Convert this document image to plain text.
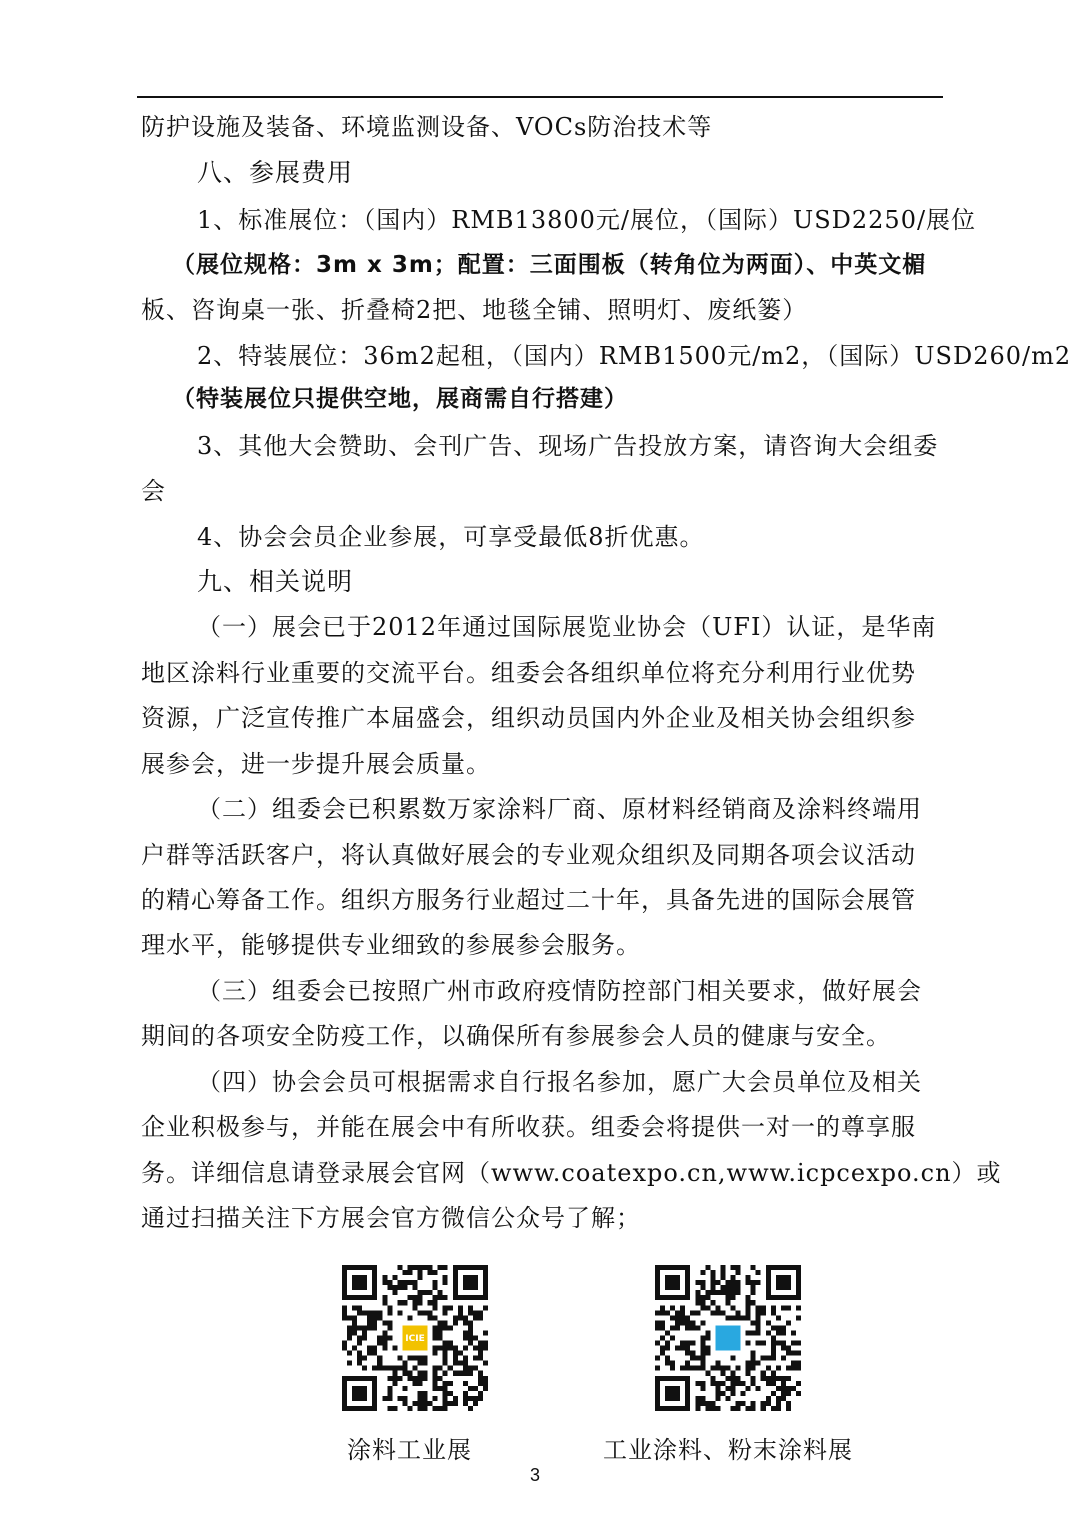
防护设施及装备、环境监测设备、VOCs防治技术等
八、参展费用
1、标准展位：（国内）RMB13800元/展位，（国际）USD2250/展位
（展位规格：3m x 3m；配置：三面围板（转角位为两面）、中英文楣
板、咨询桌一张、折叠椅2把、地毯全铺、照明灯、废纸篓）
2、特装展位：36m2起租，（国内）RMB1500元/m2，（国际）USD260/m2
（特装展位只提供空地，展商需自行搭建）
3、其他大会赞助、会刊广告、现场广告投放方案，请咨询大会组委
会
4、协会会员企业参展，可享受最低8折优惠。
九、相关说明
（一）展会已于2012年通过国际展览业协会（UFI）认证，是华南
地区涂料行业重要的交流平台。组委会各组织单位将充分利用行业优势
资源，广泛宣传推广本届盛会，组织动员国内外企业及相关协会组织参
展参会，进一步提升展会质量。
（二）组委会已积累数万家涂料厂商、原材料经销商及涂料终端用
户群等活跃客户，将认真做好展会的专业观众组织及同期各项会议活动
的精心筹备工作。组织方服务行业超过二十年，具备先进的国际会展管
理水平，能够提供专业细致的参展参会服务。
（三）组委会已按照广州市政府疫情防控部门相关要求，做好展会
期间的各项安全防疫工作，以确保所有参展参会人员的健康与安全。
（四）协会会员可根据需求自行报名参加，愿广大会员单位及相关
企业积极参与，并能在展会中有所收获。组委会将提供一对一的尊享服
务。详细信息请登录展会官网（www.coatexpo.cn,www.icpcexpo.cn）或
通过扫描关注下方展会官方微信公众号了解；
ICIE
涂料工业展	工业涂料、粉末涂料展
3
